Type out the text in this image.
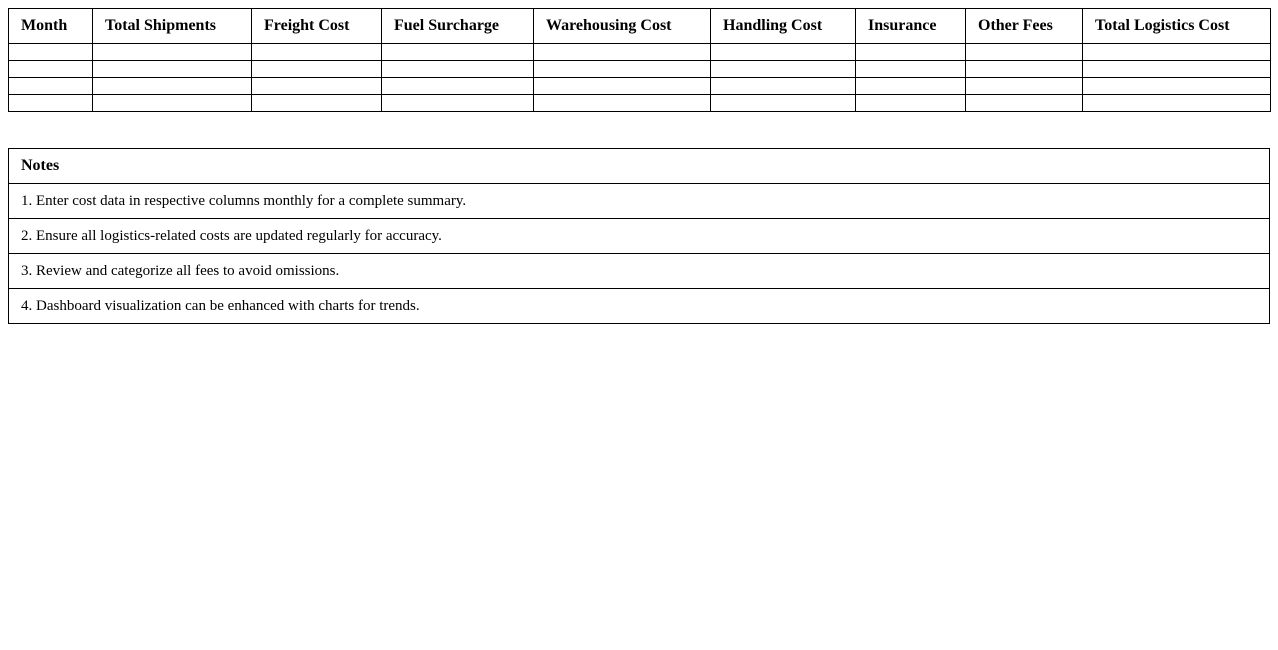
Month	Total Shipments	Freight Cost	Fuel Surcharge	Warehousing Cost	Handling Cost	Insurance	Other Fees	Total Logistics Cost

Notes
1. Enter cost data in respective columns monthly for a complete summary.
2. Ensure all logistics-related costs are updated regularly for accuracy.
3. Review and categorize all fees to avoid omissions.
4. Dashboard visualization can be enhanced with charts for trends.
